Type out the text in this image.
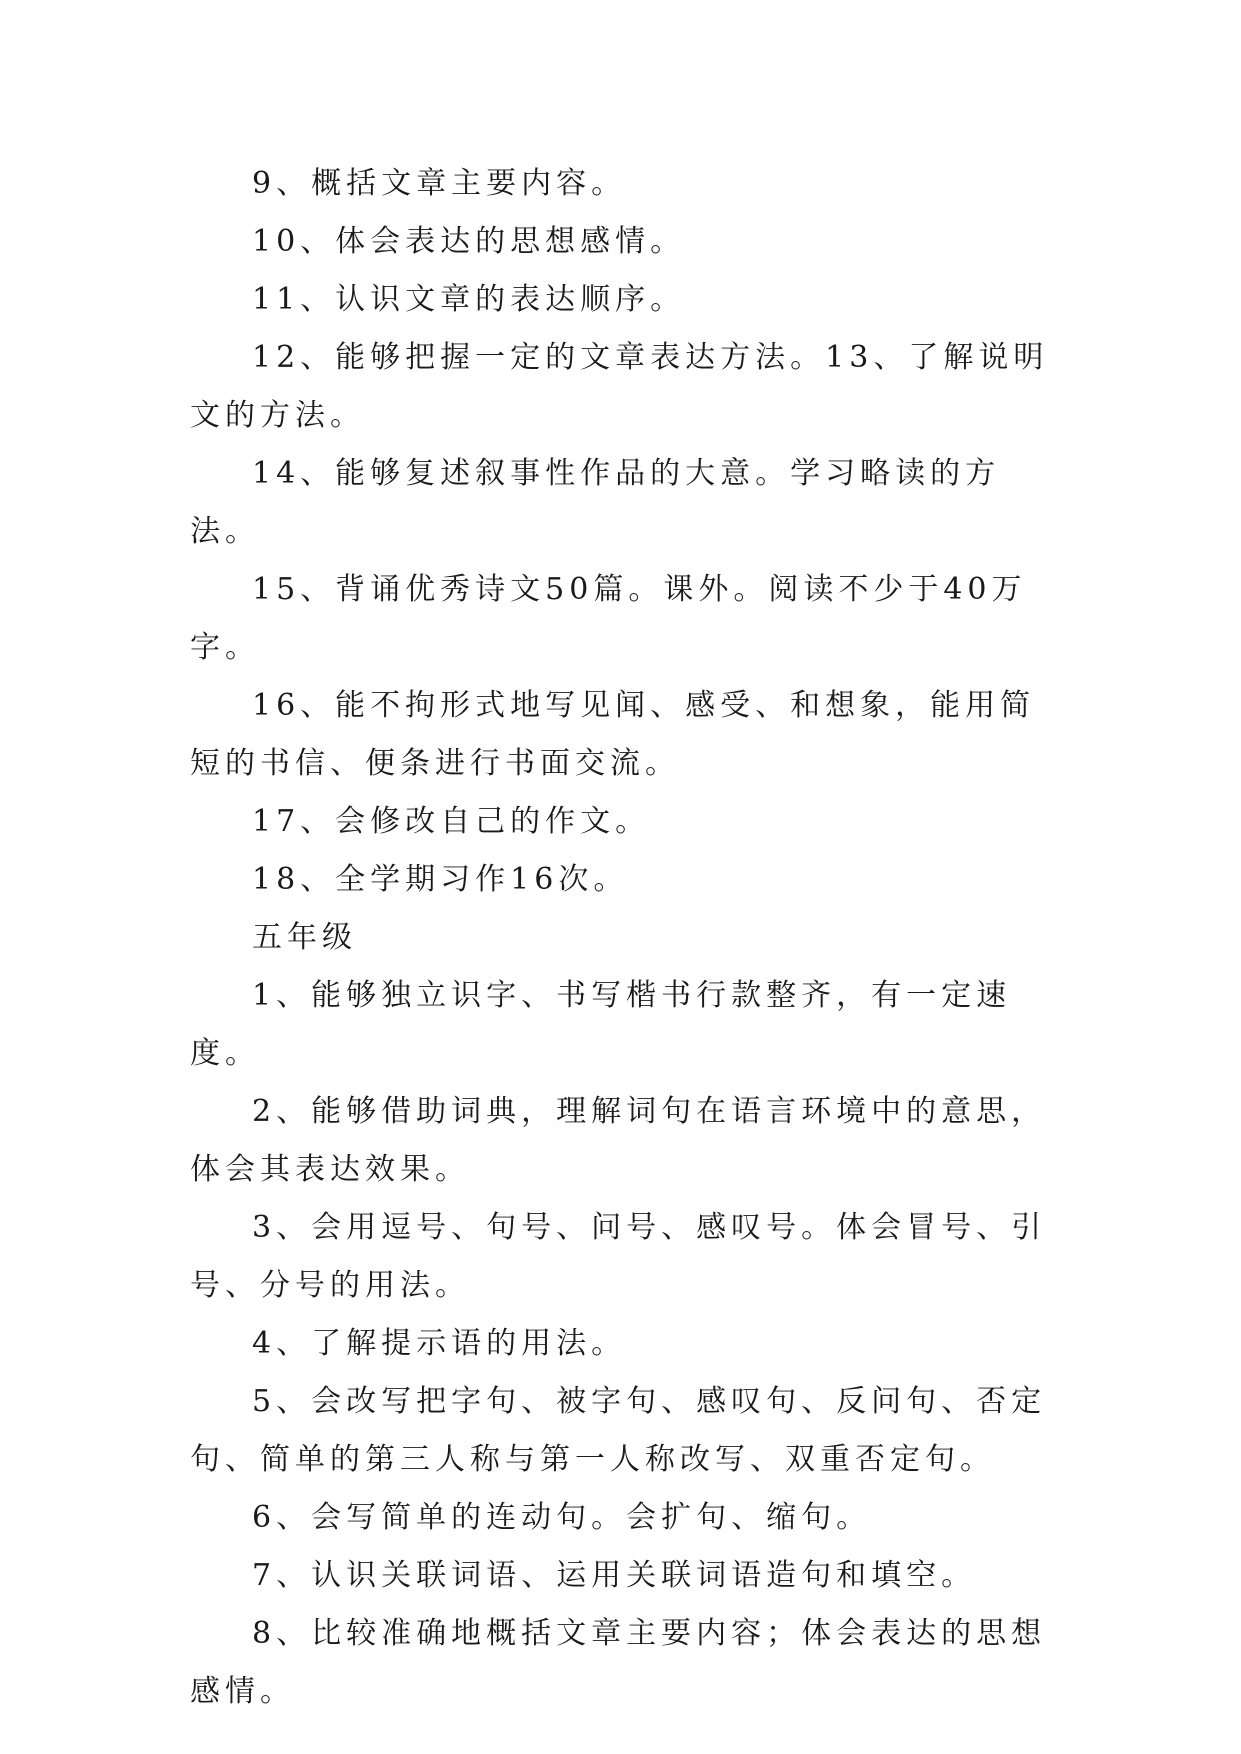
9、概括文章主要内容。

10、体会表达的思想感情。

11、认识文章的表达顺序。

12、能够把握一定的文章表达方法。13、了解说明文的方法。

14、能够复述叙事性作品的大意。学习略读的方法。

15、背诵优秀诗文50篇。课外。阅读不少于40万字。

16、能不拘形式地写见闻、感受、和想象，能用简短的书信、便条进行书面交流。

17、会修改自己的作文。

18、全学期习作16次。

五年级

1、能够独立识字、书写楷书行款整齐，有一定速度。

2、能够借助词典，理解词句在语言环境中的意思，体会其表达效果。

3、会用逗号、句号、问号、感叹号。体会冒号、引号、分号的用法。

4、了解提示语的用法。

5、会改写把字句、被字句、感叹句、反问句、否定句、简单的第三人称与第一人称改写、双重否定句。

6、会写简单的连动句。会扩句、缩句。

7、认识关联词语、运用关联词语造句和填空。

8、比较准确地概括文章主要内容；体会表达的思想感情。
